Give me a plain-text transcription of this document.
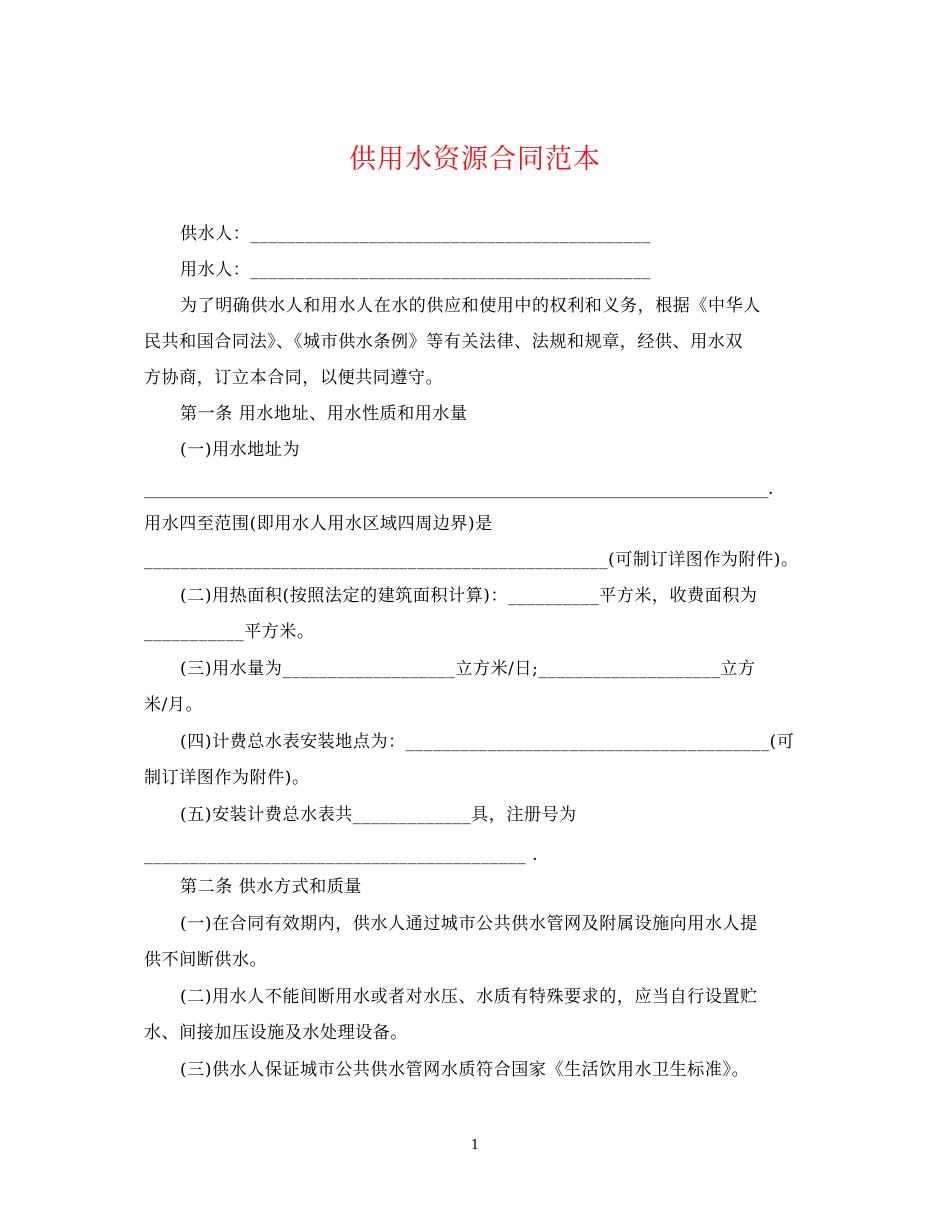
供用水资源合同范本
供水人：____________________________________________
用水人：____________________________________________
为了明确供水人和用水人在水的供应和使用中的权利和义务，根据《中华人
民共和国合同法》、《城市供水条例》等有关法律、法规和规章，经供、用水双
方协商，订立本合同，以便共同遵守。
第一条 用水地址、用水性质和用水量
(一)用水地址为
______________________________________________________________________________.
用水四至范围(即用水人用水区域四周边界)是
___________________________________________________(可制订详图作为附件)。
(二)用热面积(按照法定的建筑面积计算)：__________平方米，收费面积为
___________平方米。
(三)用水量为___________________立方米/日;____________________立方
米/月。
(四)计费总水表安装地点为：________________________________________(可
制订详图作为附件)。
(五)安装计费总水表共_____________具，注册号为
__________________________________________ .
第二条 供水方式和质量
(一)在合同有效期内，供水人通过城市公共供水管网及附属设施向用水人提
供不间断供水。
(二)用水人不能间断用水或者对水压、水质有特殊要求的，应当自行设置贮
水、间接加压设施及水处理设备。
(三)供水人保证城市公共供水管网水质符合国家《生活饮用水卫生标准》。
1
